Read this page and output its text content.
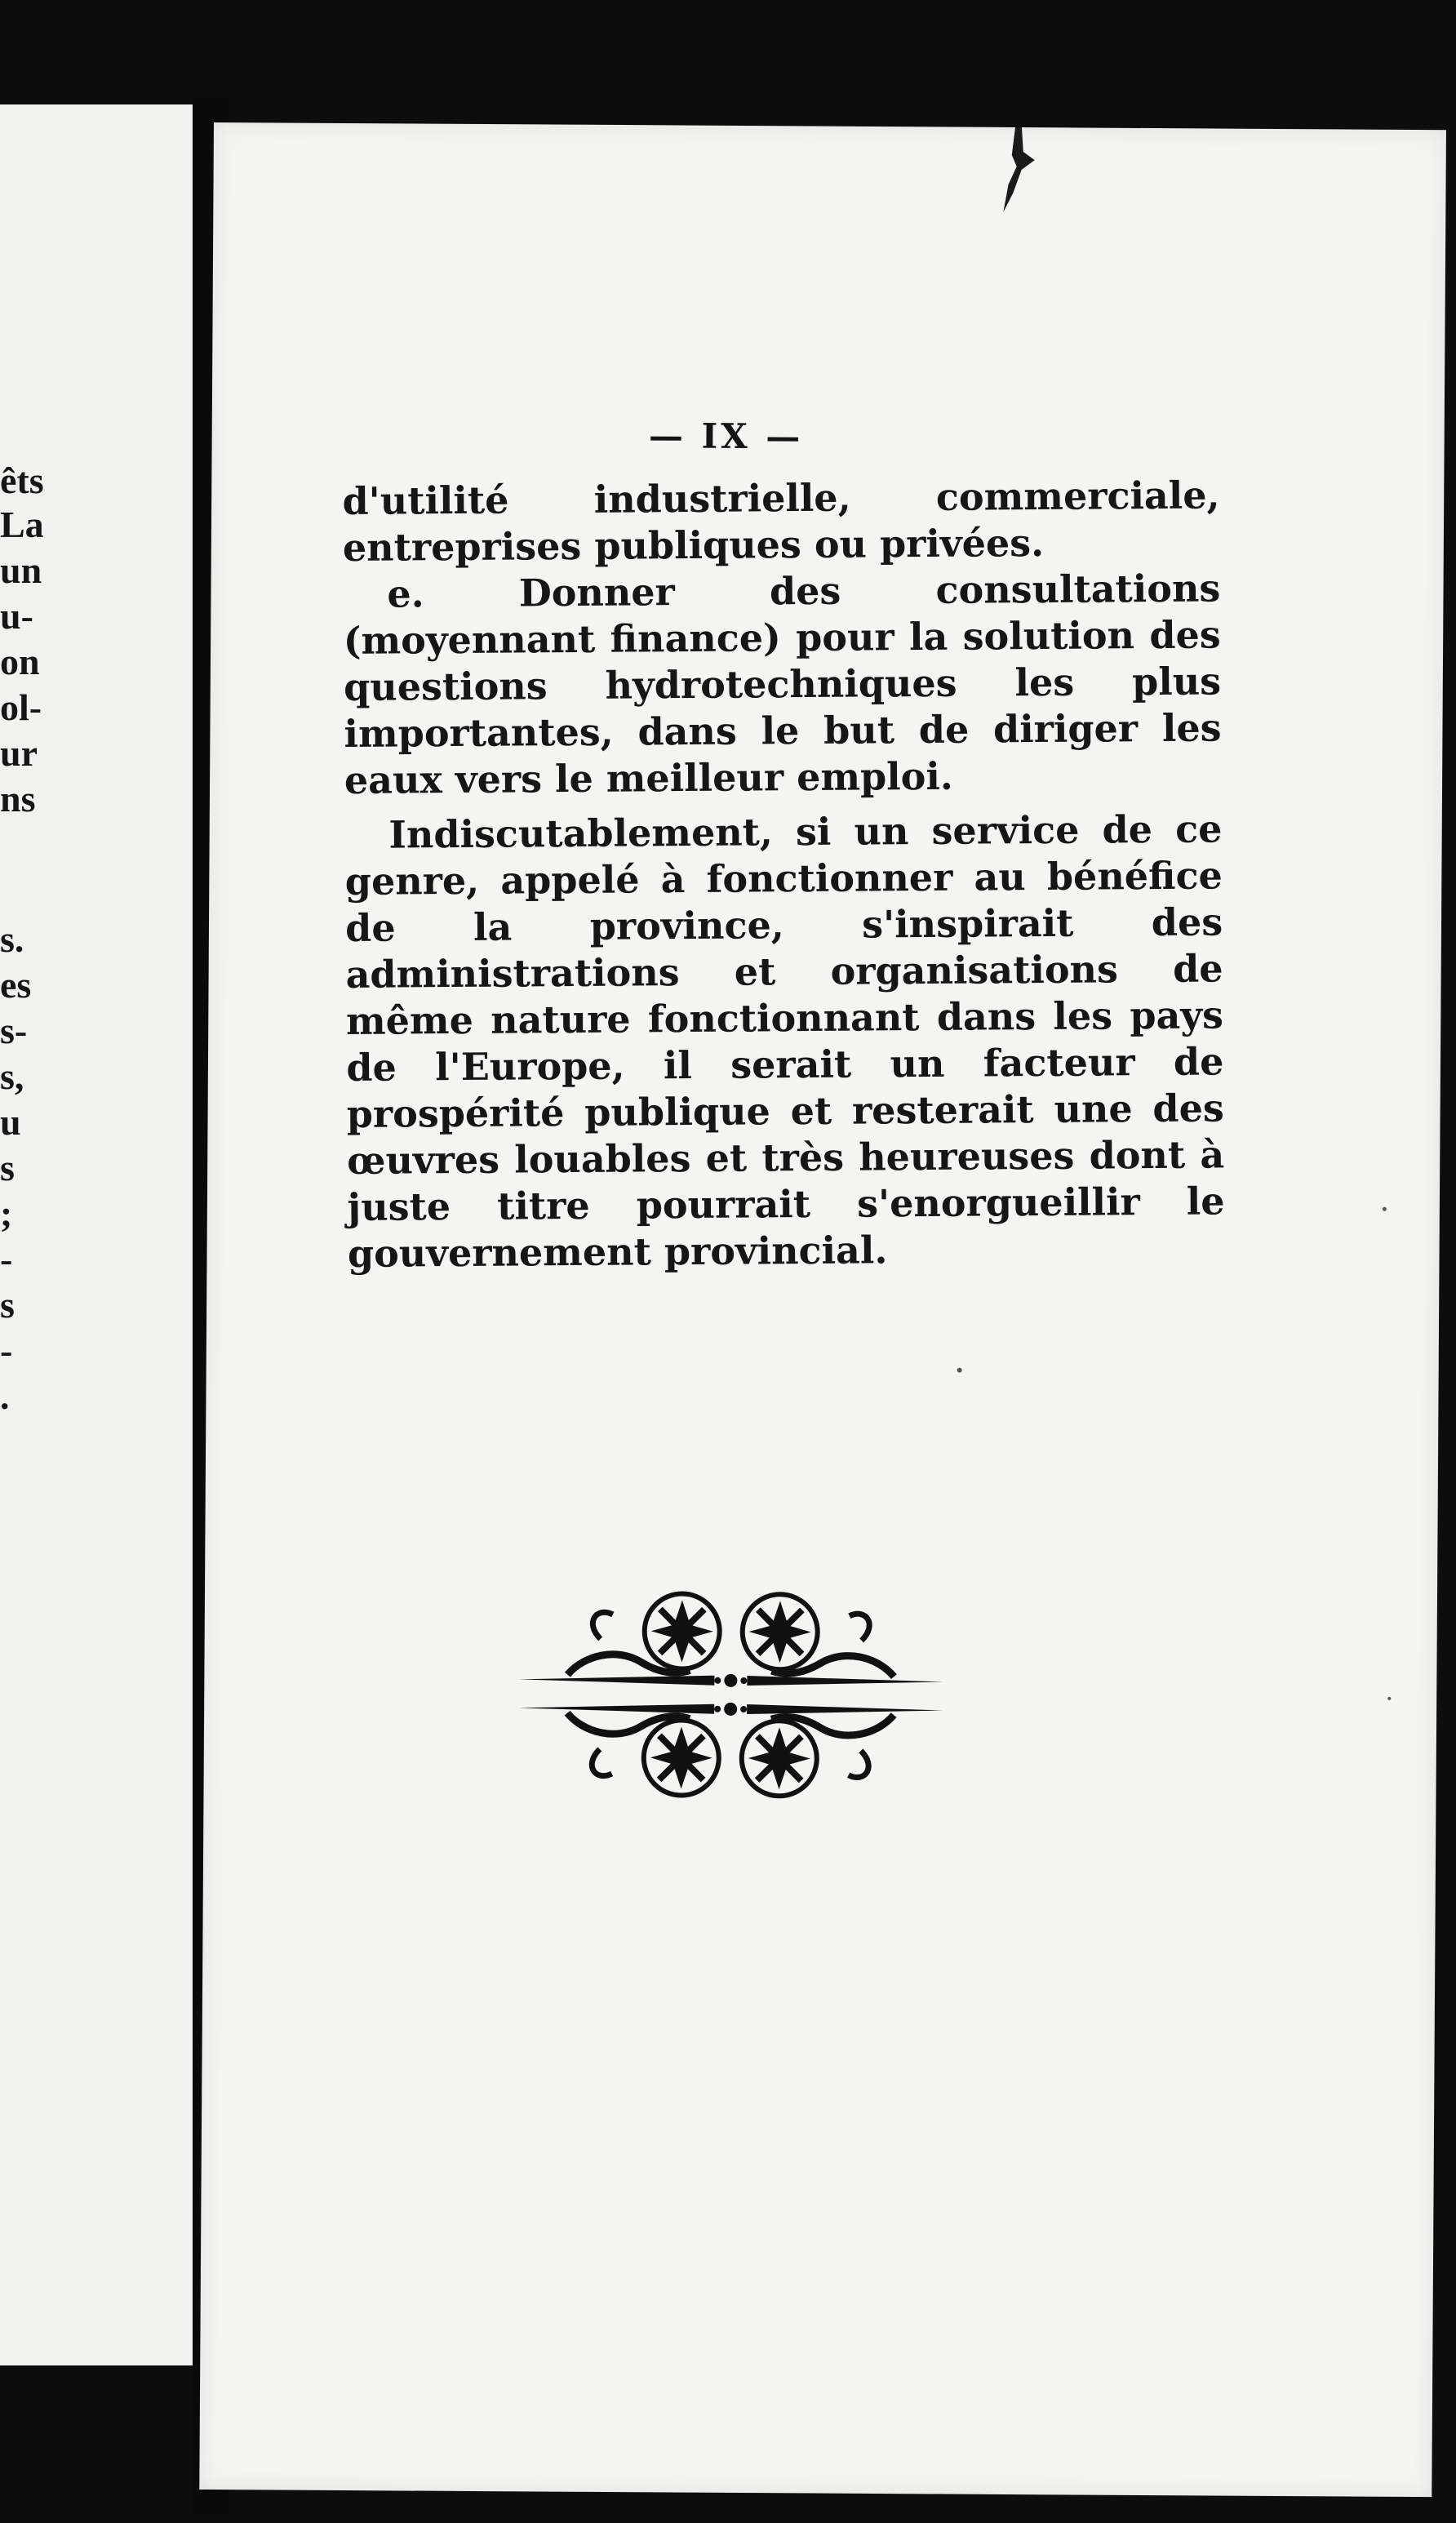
êts
La
un
u-
on
ol-
ur
ns
s.
es
s-
s,
u
s
;
-
s
-
.
— IX —

d'utilité industrielle, commerciale, entreprises publiques ou privées.

e. Donner des consultations (moyennant finance) pour la solution des questions hydrotechniques les plus importantes, dans le but de diriger les eaux vers le meilleur emploi.

Indiscutablement, si un service de ce genre, appelé à fonctionner au bénéfice de la province, s'inspirait des administrations et organisations de même nature fonctionnant dans les pays de l'Europe, il serait un facteur de prospérité publique et resterait une des œuvres louables et très heureuses dont à juste titre pourrait s'enorgueillir le gouvernement provincial.
